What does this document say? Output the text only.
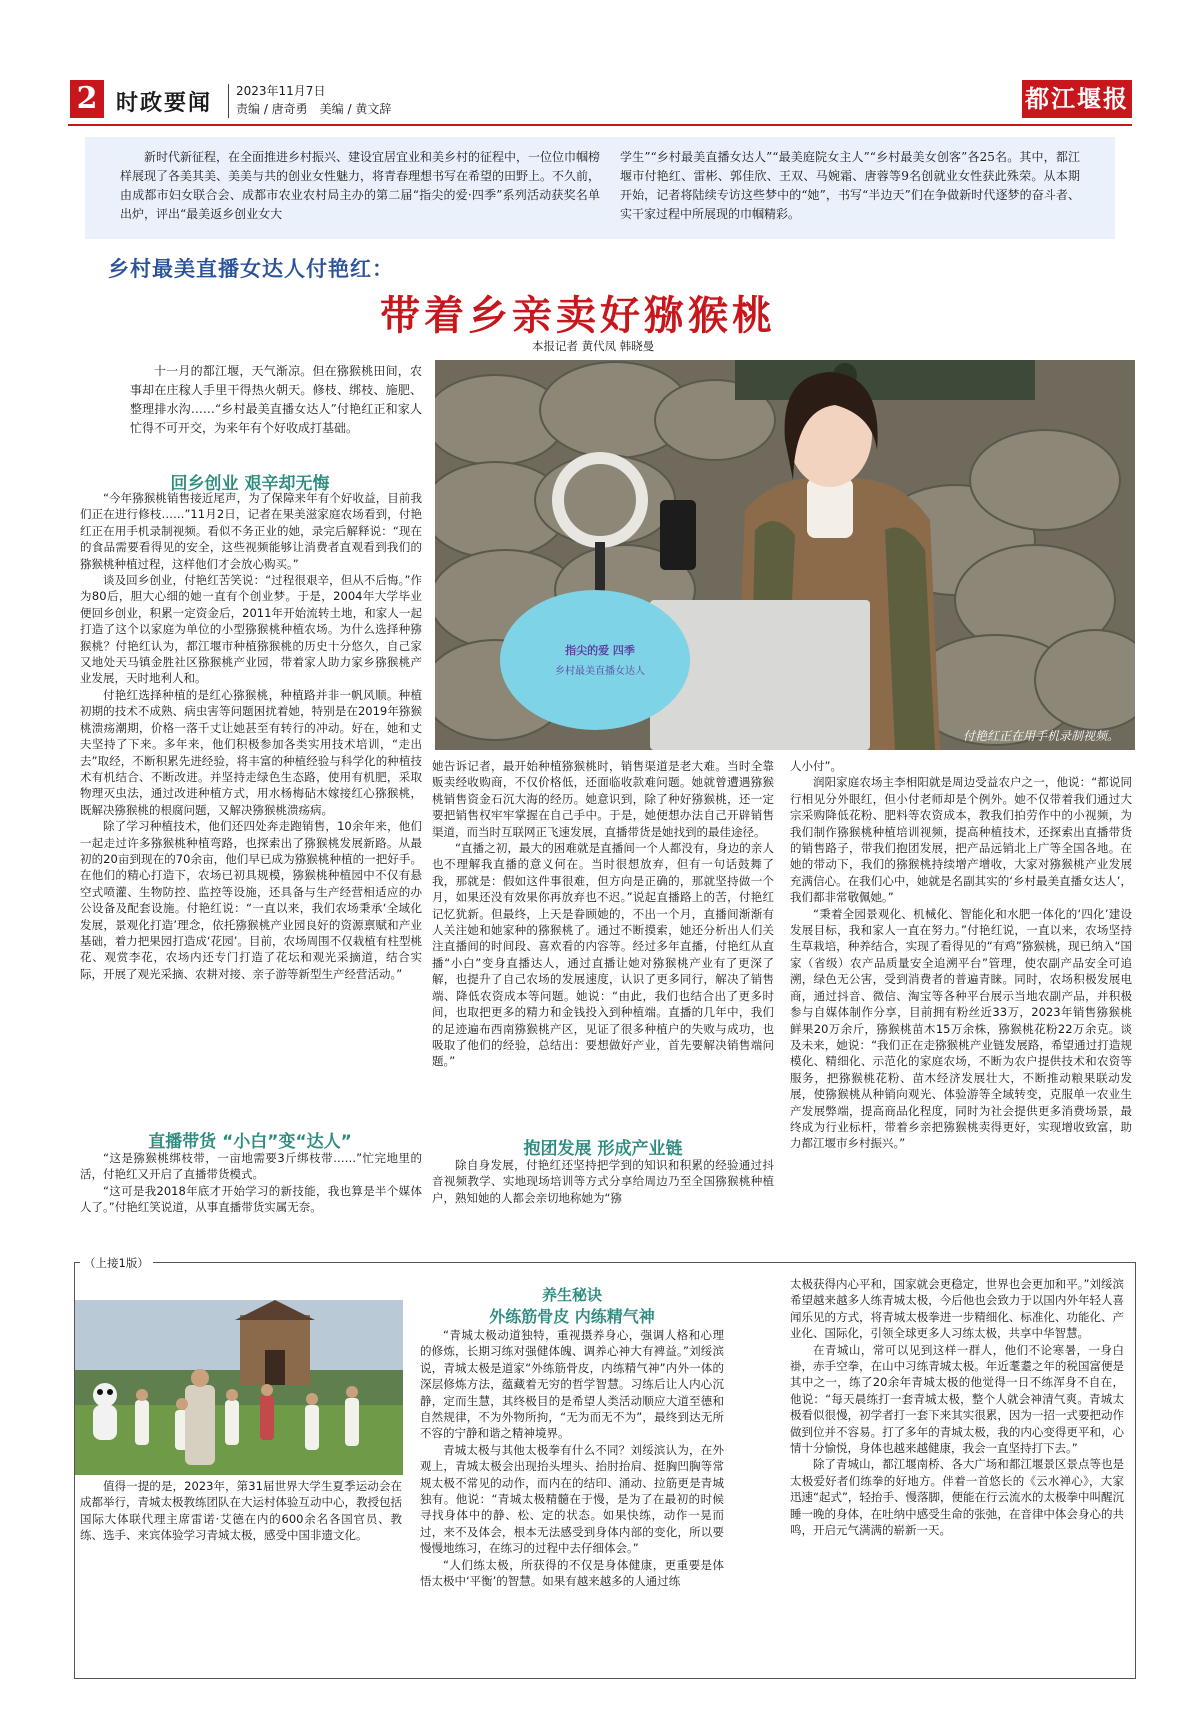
2 时政要闻 2023年11月7日
责编 / 唐奇勇　美编 / 黄文辞	都江堰报
新时代新征程，在全面推进乡村振兴、建设宜居宜业和美乡村的征程中，一位位巾帼榜样展现了各美其美、美美与共的创业女性魅力，将青春理想书写在希望的田野上。不久前，由成都市妇女联合会、成都市农业农村局主办的第二届“指尖的爱·四季”系列活动获奖名单出炉，评出“最美返乡创业女大
学生”“乡村最美直播女达人”“最美庭院女主人”“乡村最美女创客”各25名。其中，都江堰市付艳红、雷彬、郭佳欣、王双、马婉霜、唐蓉等9名创就业女性获此殊荣。从本期开始，记者将陆续专访这些梦中的“她”，书写“半边天”们在争做新时代逐梦的奋斗者、实干家过程中所展现的巾帼精彩。
乡村最美直播女达人付艳红：
带着乡亲卖好猕猴桃
本报记者 黄代凤 韩晓曼
十一月的都江堰，天气渐凉。但在猕猴桃田间，农事却在庄稼人手里干得热火朝天。修枝、绑枝、施肥、整理排水沟……“乡村最美直播女达人”付艳红正和家人忙得不可开交，为来年有个好收成打基础。
付艳红正在用手机录制视频。
指尖的爱 四季
乡村最美直播女达人
回乡创业 艰辛却无悔

“今年猕猴桃销售接近尾声，为了保障来年有个好收益，目前我们正在进行修枝……”11月2日，记者在果美滋家庭农场看到，付艳红正在用手机录制视频。看似不务正业的她，录完后解释说：“现在的食品需要看得见的安全，这些视频能够让消费者直观看到我们的猕猴桃种植过程，这样他们才会放心购买。”

谈及回乡创业，付艳红苦笑说：“过程很艰辛，但从不后悔。”作为80后，胆大心细的她一直有个创业梦。于是，2004年大学毕业便回乡创业，积累一定资金后，2011年开始流转土地，和家人一起打造了这个以家庭为单位的小型猕猴桃种植农场。为什么选择种猕猴桃？付艳红认为，都江堰市种植猕猴桃的历史十分悠久，自己家又地处天马镇金胜社区猕猴桃产业园，带着家人助力家乡猕猴桃产业发展，天时地利人和。

付艳红选择种植的是红心猕猴桃，种植路并非一帆风顺。种植初期的技术不成熟、病虫害等问题困扰着她，特别是在2019年猕猴桃溃疡潮期，价格一落千丈让她甚至有转行的冲动。好在，她和丈夫坚持了下来。多年来，他们积极参加各类实用技术培训，“走出去”取经，不断积累先进经验，将丰富的种植经验与科学化的种植技术有机结合、不断改进。并坚持走绿色生态路，使用有机肥，采取物理灭虫法，通过改进种植方式，用水杨梅砧木嫁接红心猕猴桃，既解决猕猴桃的根腐问题，又解决猕猴桃溃疡病。

除了学习种植技术，他们还四处奔走跑销售，10余年来，他们一起走过许多猕猴桃种植弯路，也探索出了猕猴桃发展新路。从最初的20亩到现在的70余亩，他们早已成为猕猴桃种植的一把好手。在他们的精心打造下，农场已初具规模，猕猴桃种植园中不仅有悬空式喷灌、生物防控、监控等设施，还具备与生产经营相适应的办公设备及配套设施。付艳红说：“一直以来，我们农场秉承‘全域化发展，景观化打造’理念，依托猕猴桃产业园良好的资源禀赋和产业基础，着力把果园打造成‘花园’。目前，农场周围不仅栽植有柱型桃花、观赏李花，农场内还专门打造了花坛和观光采摘道，结合实际，开展了观光采摘、农耕对接、亲子游等新型生产经营活动。”

直播带货 “小白”变“达人”

“这是猕猴桃绑枝带，一亩地需要3斤绑枝带……”忙完地里的活，付艳红又开启了直播带货模式。

“这可是我2018年底才开始学习的新技能，我也算是半个媒体人了。”付艳红笑说道，从事直播带货实属无奈。

她告诉记者，最开始种植猕猴桃时，销售渠道是老大难。当时全靠贩卖经收购商，不仅价格低，还面临收款难问题。她就曾遭遇猕猴桃销售资金石沉大海的经历。她意识到，除了种好猕猴桃，还一定要把销售权牢牢掌握在自己手中。于是，她便想办法自己开辟销售渠道，而当时互联网正飞速发展，直播带货是她找到的最佳途径。

“直播之初，最大的困难就是直播间一个人都没有，身边的亲人也不理解我直播的意义何在。当时很想放弃，但有一句话鼓舞了我，那就是：假如这件事很难，但方向是正确的，那就坚持做一个月，如果还没有效果你再放弃也不迟。”说起直播路上的苦，付艳红记忆犹新。但最终，上天是眷顾她的，不出一个月，直播间渐渐有人关注她和她家种的猕猴桃了。通过不断摸索，她还分析出人们关注直播间的时间段、喜欢看的内容等。经过多年直播，付艳红从直播“小白”变身直播达人，通过直播让她对猕猴桃产业有了更深了解，也提升了自己农场的发展速度，认识了更多同行，解决了销售端、降低农资成本等问题。她说：“由此，我们也结合出了更多时间，也取把更多的精力和金钱投入到种植端。直播的几年中，我们的足迹遍布西南猕猴桃产区，见证了很多种植户的失败与成功，也吸取了他们的经验，总结出：要想做好产业，首先要解决销售端问题。”

抱团发展 形成产业链

除自身发展，付艳红还坚持把学到的知识和积累的经验通过抖音视频教学、实地现场培训等方式分享给周边乃至全国猕猴桃种植户，熟知她的人都会亲切地称她为“猕

人小付”。

润阳家庭农场主李相阳就是周边受益农户之一，他说：“都说同行相见分外眼红，但小付老师却是个例外。她不仅带着我们通过大宗采购降低花粉、肥料等农资成本，教我们拍劳作中的小视频，为我们制作猕猴桃种植培训视频，提高种植技术，还探索出直播带货的销售路子，带我们抱团发展，把产品远销北上广等全国各地。在她的带动下，我们的猕猴桃持续增产增收，大家对猕猴桃产业发展充满信心。在我们心中，她就是名副其实的‘乡村最美直播女达人’，我们都非常敬佩她。”

“秉着全园景观化、机械化、智能化和水肥一体化的‘四化’建设发展目标，我和家人一直在努力。”付艳红说，一直以来，农场坚持生草栽培，种养结合，实现了看得见的“有鸡”猕猴桃，现已纳入“国家（省级）农产品质量安全追溯平台”管理，使农副产品安全可追溯，绿色无公害，受到消费者的普遍青睐。同时，农场积极发展电商，通过抖音、微信、淘宝等各种平台展示当地农副产品，并积极参与自媒体制作分享，目前拥有粉丝近33万，2023年销售猕猴桃鲜果20万余斤，猕猴桃苗木15万余株，猕猴桃花粉22万余克。谈及未来，她说：“我们正在走猕猴桃产业链发展路，希望通过打造规模化、精细化、示范化的家庭农场，不断为农户提供技术和农资等服务，把猕猴桃花粉、苗木经济发展壮大，不断推动粮果联动发展，使猕猴桃从种销向观光、体验游等全域转变，克服单一农业生产发展弊端，提高商品化程度，同时为社会提供更多消费场景，最终成为行业标杆，带着乡亲把猕猴桃卖得更好，实现增收致富，助力都江堰市乡村振兴。”

（上接1版）
值得一提的是，2023年，第31届世界大学生夏季运动会在成都举行，青城太极教练团队在大运村体验互动中心，教授包括国际大体联代理主席雷诺·艾德在内的600余名各国官员、教练、选手、来宾体验学习青城太极，感受中国非遗文化。
养生秘诀
外练筋骨皮 内练精气神

“青城太极动道独特，重视摄养身心，强调人格和心理的修炼，长期习练对强健体魄、调养心神大有裨益。”刘绥滨说，青城太极是道家“外练筋骨皮，内练精气神”内外一体的深层修炼方法，蕴藏着无穷的哲学智慧。习练后让人内心沉静，定而生慧，其终极目的是希望人类活动顺应大道至德和自然规律，不为外物所拘，“无为而无不为”，最终到达无所不容的宁静和谐之精神境界。

青城太极与其他太极拳有什么不同？刘绥滨认为，在外观上，青城太极会出现抬头埋头、抬肘抬肩、挺胸凹胸等常规太极不常见的动作，而内在的结印、涌动、拉筋更是青城独有。他说：“青城太极精髓在于慢，是为了在最初的时候寻找身体中的静、松、定的状态。如果快练，动作一晃而过，来不及体会，根本无法感受到身体内部的变化，所以要慢慢地练习，在练习的过程中去仔细体会。”

“人们练太极，所获得的不仅是身体健康，更重要是体悟太极中‘平衡’的智慧。如果有越来越多的人通过练

太极获得内心平和，国家就会更稳定，世界也会更加和平。”刘绥滨希望越来越多人练青城太极，今后他也会致力于以国内外年轻人喜闻乐见的方式，将青城太极拳进一步精细化、标准化、功能化、产业化、国际化，引领全球更多人习练太极，共享中华智慧。

在青城山，常可以见到这样一群人，他们不论寒暑，一身白褂，赤手空拳，在山中习练青城太极。年近耄耋之年的税国富便是其中之一，练了20余年青城太极的他觉得一日不练浑身不自在，他说：“每天晨练打一套青城太极，整个人就会神清气爽。青城太极看似很慢，初学者打一套下来其实很累，因为一招一式要把动作做到位并不容易。打了多年的青城太极，我的内心变得更平和，心情十分愉悦，身体也越来越健康，我会一直坚持打下去。”

除了青城山，都江堰南桥、各大广场和都江堰景区景点等也是太极爱好者们练拳的好地方。伴着一首悠长的《云水禅心》，大家迅速“起式”，轻抬手、慢落脚，便能在行云流水的太极拳中叫醒沉睡一晚的身体，在吐纳中感受生命的张弛，在音律中体会身心的共鸣，开启元气满满的崭新一天。
